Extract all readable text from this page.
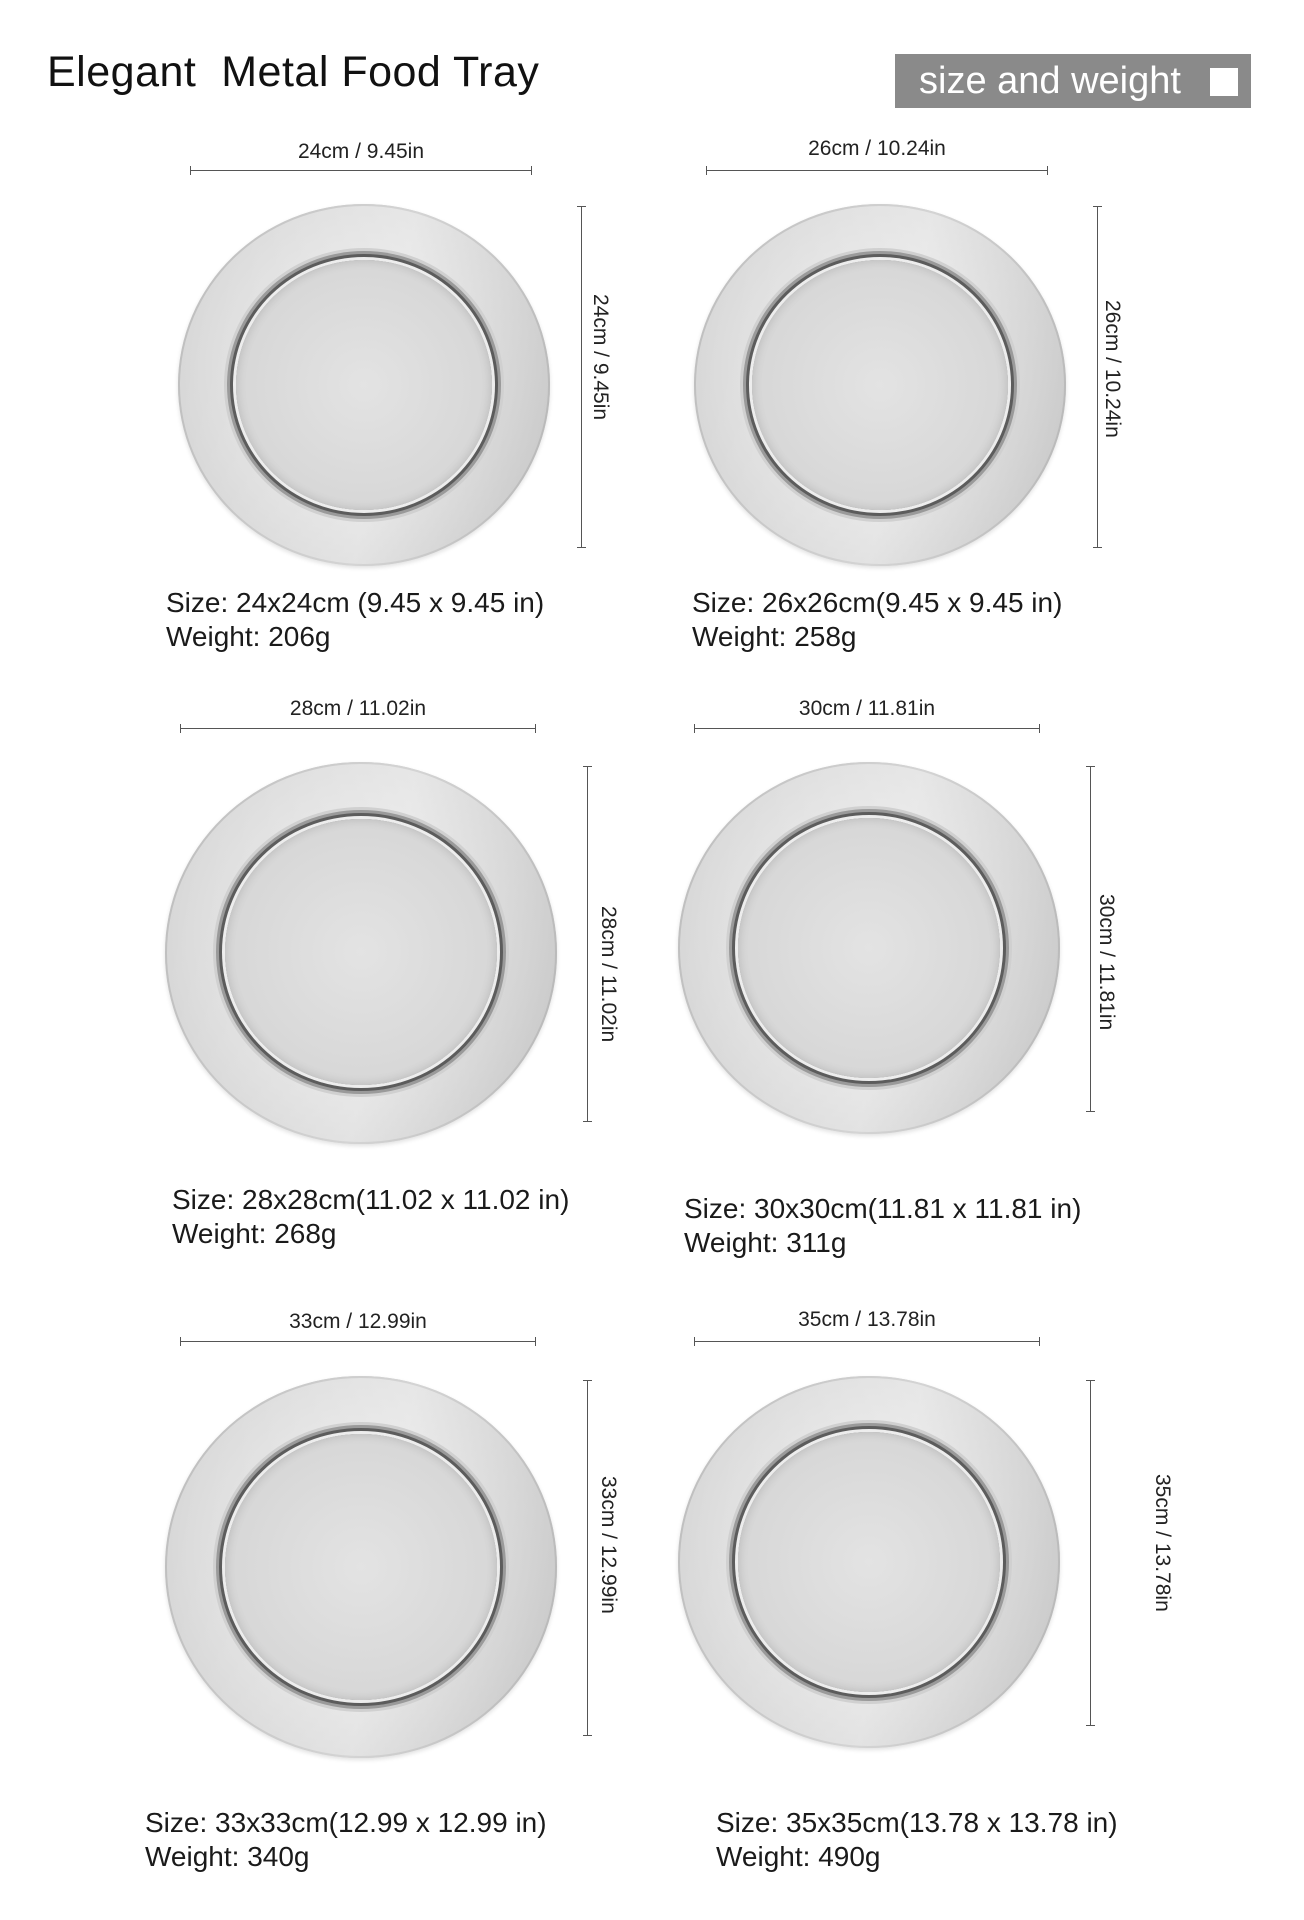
Elegant  Metal Food Tray	size and weight
24cm / 9.45in
24cm / 9.45in
Size: 24x24cm (9.45 x 9.45 in)
Weight: 206g
26cm / 10.24in
26cm / 10.24in
Size: 26x26cm(9.45 x 9.45 in)
Weight: 258g
28cm / 11.02in
28cm / 11.02in
Size: 28x28cm(11.02 x 11.02 in)
Weight: 268g
30cm / 11.81in
30cm / 11.81in
Size: 30x30cm(11.81 x 11.81 in)
Weight: 311g
33cm / 12.99in
33cm / 12.99in
Size: 33x33cm(12.99 x 12.99 in)
Weight: 340g
35cm / 13.78in
35cm / 13.78in
Size: 35x35cm(13.78 x 13.78 in)
Weight: 490g
